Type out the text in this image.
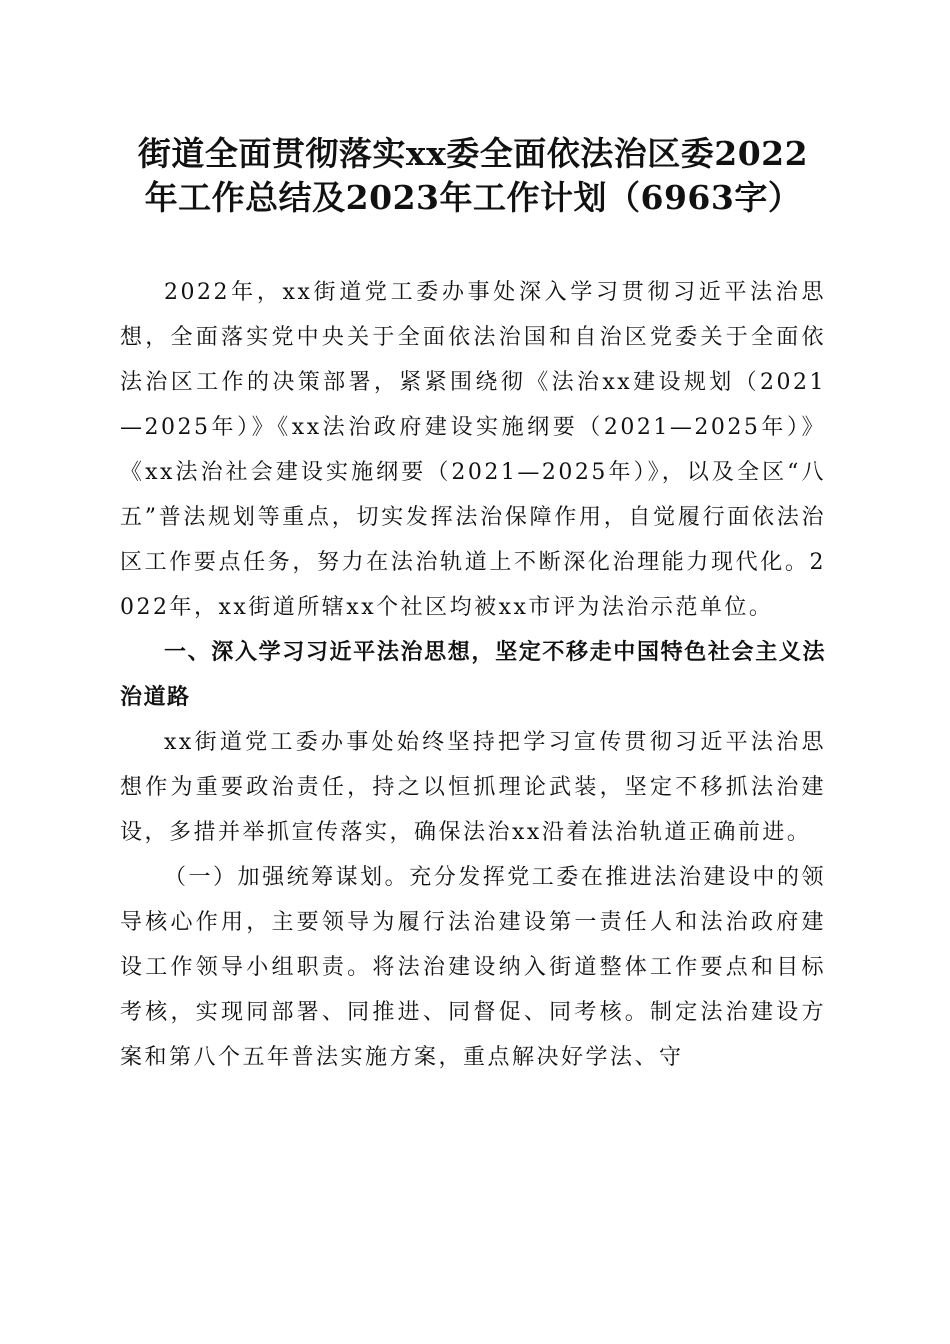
街道全面贯彻落实xx委全面依法治区委2022
年工作总结及2023年工作计划（6963字）

2022年，xx街道党工委办事处深入学习贯彻习近平法治思想，全面落实党中央关于全面依法治国和自治区党委关于全面依法治区工作的决策部署，紧紧围绕彻《法治xx建设规划（2021—2025年）》《xx法治政府建设实施纲要（2021—2025年）》《xx法治社会建设实施纲要（2021—2025年）》，以及全区“八五”普法规划等重点，切实发挥法治保障作用，自觉履行面依法治区工作要点任务，努力在法治轨道上不断深化治理能力现代化。2022年，xx街道所辖xx个社区均被xx市评为法治示范单位。

一、深入学习习近平法治思想，坚定不移走中国特色社会主义法治道路

xx街道党工委办事处始终坚持把学习宣传贯彻习近平法治思想作为重要政治责任，持之以恒抓理论武装，坚定不移抓法治建设，多措并举抓宣传落实，确保法治xx沿着法治轨道正确前进。

（一）加强统筹谋划。充分发挥党工委在推进法治建设中的领导核心作用，主要领导为履行法治建设第一责任人和法治政府建设工作领导小组职责。将法治建设纳入街道整体工作要点和目标考核，实现同部署、同推进、同督促、同考核。制定法治建设方案和第八个五年普法实施方案，重点解决好学法、守
